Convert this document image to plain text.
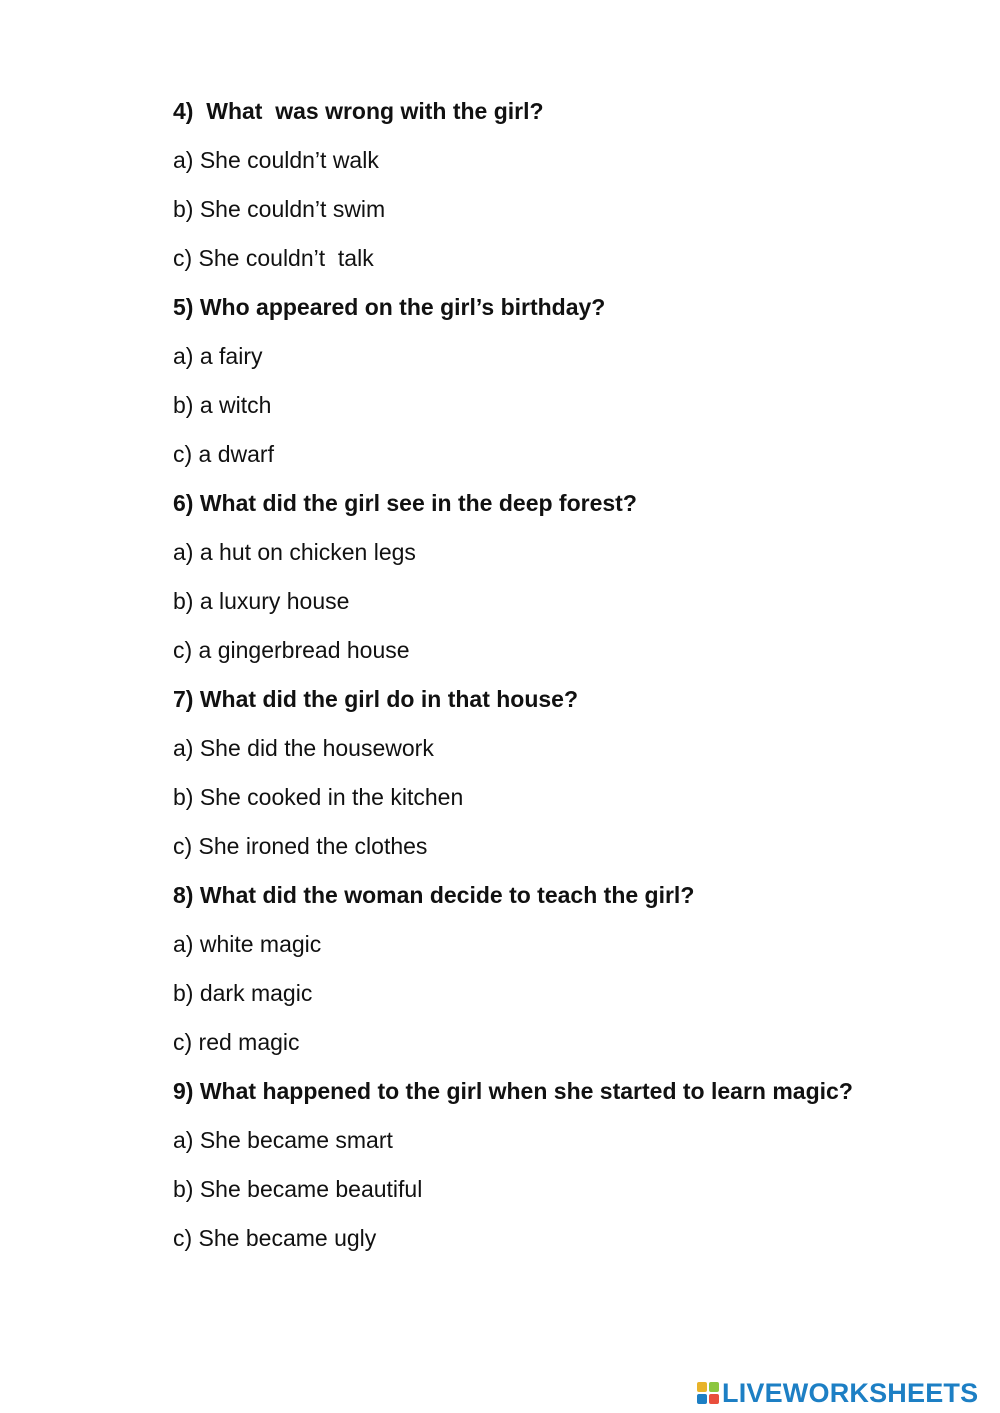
4)  What  was wrong with the girl?
a) She couldn’t walk
b) She couldn’t swim
c) She couldn’t  talk
5) Who appeared on the girl’s birthday?
a) a fairy
b) a witch
c) a dwarf
6) What did the girl see in the deep forest?
a) a hut on chicken legs
b) a luxury house
c) a gingerbread house
7) What did the girl do in that house?
a) She did the housework
b) She cooked in the kitchen
c) She ironed the clothes
8) What did the woman decide to teach the girl?
a) white magic
b) dark magic
c) red magic
9) What happened to the girl when she started to learn magic?
a) She became smart
b) She became beautiful
c) She became ugly
LIVEWORKSHEETS
